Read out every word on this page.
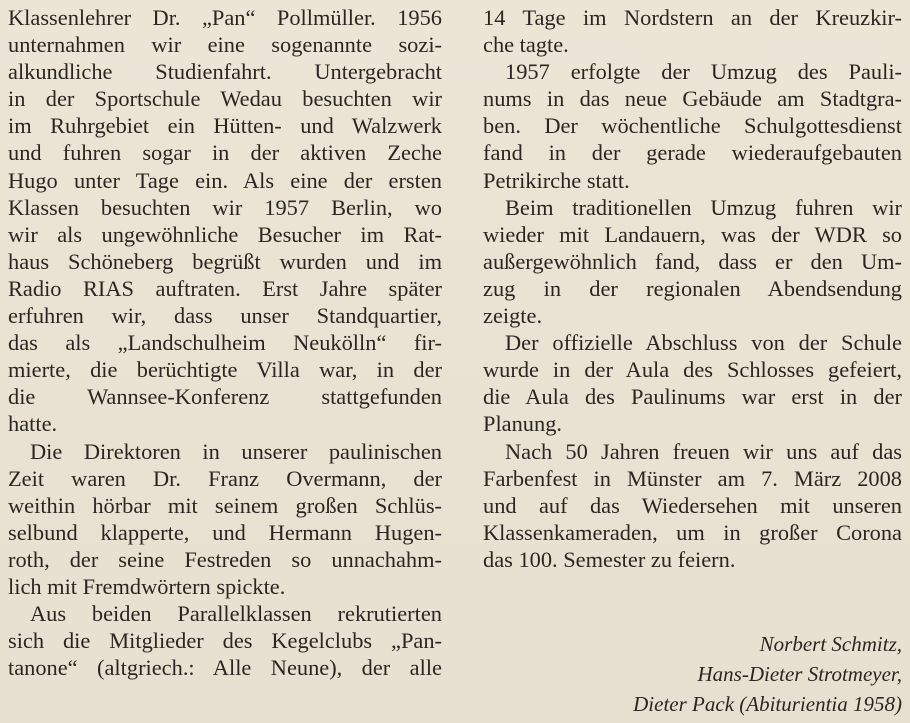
Klassenlehrer Dr. „Pan“ Pollmüller. 1956
unternahmen wir eine sogenannte sozi-
alkundliche Studienfahrt. Untergebracht
in der Sportschule Wedau besuchten wir
im Ruhrgebiet ein Hütten- und Walzwerk
und fuhren sogar in der aktiven Zeche
Hugo unter Tage ein. Als eine der ersten
Klassen besuchten wir 1957 Berlin, wo
wir als ungewöhnliche Besucher im Rat-
haus Schöneberg begrüßt wurden und im
Radio RIAS auftraten. Erst Jahre später
erfuhren wir, dass unser Standquartier,
das als „Landschulheim Neukölln“ fir-
mierte, die berüchtigte Villa war, in der
die Wannsee-Konferenz stattgefunden
hatte.
Die Direktoren in unserer paulinischen
Zeit waren Dr. Franz Overmann, der
weithin hörbar mit seinem großen Schlüs-
selbund klapperte, und Hermann Hugen-
roth, der seine Festreden so unnachahm-
lich mit Fremdwörtern spickte.
Aus beiden Parallelklassen rekrutierten
sich die Mitglieder des Kegelclubs „Pan-
tanone“ (altgriech.: Alle Neune), der alle
14 Tage im Nordstern an der Kreuzkir-
che tagte.
1957 erfolgte der Umzug des Pauli-
nums in das neue Gebäude am Stadtgra-
ben. Der wöchentliche Schulgottesdienst
fand in der gerade wiederaufgebauten
Petrikirche statt.
Beim traditionellen Umzug fuhren wir
wieder mit Landauern, was der WDR so
außergewöhnlich fand, dass er den Um-
zug in der regionalen Abendsendung
zeigte.
Der offizielle Abschluss von der Schule
wurde in der Aula des Schlosses gefeiert,
die Aula des Paulinums war erst in der
Planung.
Nach 50 Jahren freuen wir uns auf das
Farbenfest in Münster am 7. März 2008
und auf das Wiedersehen mit unseren
Klassenkameraden, um in großer Corona
das 100. Semester zu feiern.
Norbert Schmitz,
Hans-Dieter Strotmeyer,
Dieter Pack (Abiturientia 1958)
